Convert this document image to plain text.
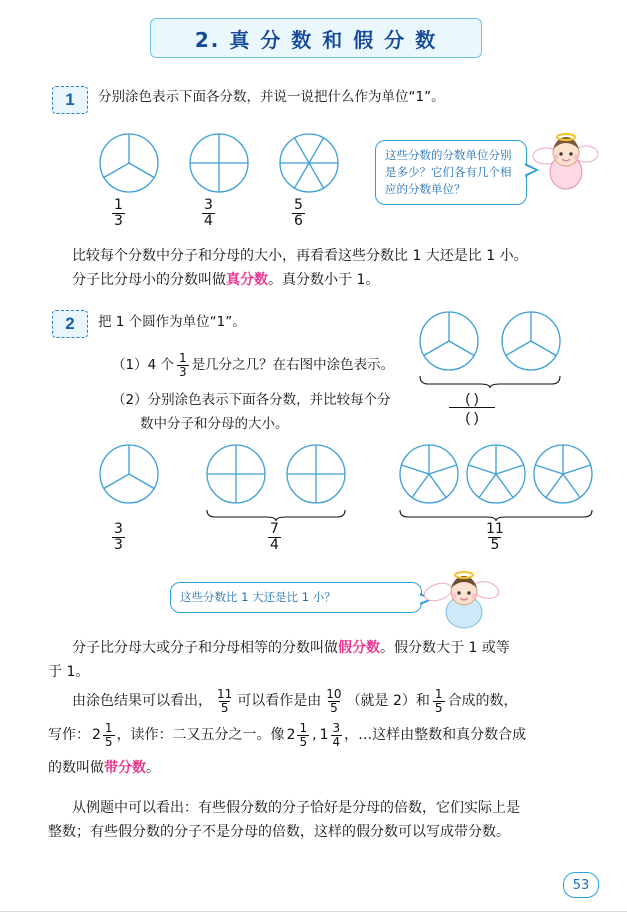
2. 真 分 数 和 假 分 数
1 分别涂色表示下面各分数，并说一说把什么作为单位“1”。
$\frac{1}{3}$	$\frac{3}{4}$	$\frac{5}{6}$
这些分数的分数单位分别是多少？它们各有几个相应的分数单位？
比较每个分数中分子和分母的大小，再看看这些分数比 1 大还是比 1 小。
分子比分母小的分数叫做真分数。真分数小于 1。
2 把 1 个圆作为单位“1”。
（1）4 个 $\frac{1}{3}$ 是几分之几？在右图中涂色表示。
（2）分别涂色表示下面各分数，并比较每个分
数中分子和分母的大小。
( )
( )
$\frac{3}{3}$	$\frac{7}{4}$	$\frac{11}{5}$
这些分数比 1 大还是比 1 小？
分子比分母大或分子和分母相等的分数叫做假分数。假分数大于 1 或等
于 1。
由涂色结果可以看出， $\frac{11}{5}$ 可以看作是由 $\frac{10}{5}$ （就是 2）和 $\frac{1}{5}$ 合成的数，
写作： $2 \frac{1}{5}$ ，读作：二又五分之一。像 $2 \frac{1}{5}$ , $1 \frac{3}{4}$ ，…这样由整数和真分数合成
的数叫做带分数。
从例题中可以看出：有些假分数的分子恰好是分母的倍数，它们实际上是
整数；有些假分数的分子不是分母的倍数，这样的假分数可以写成带分数。
53
